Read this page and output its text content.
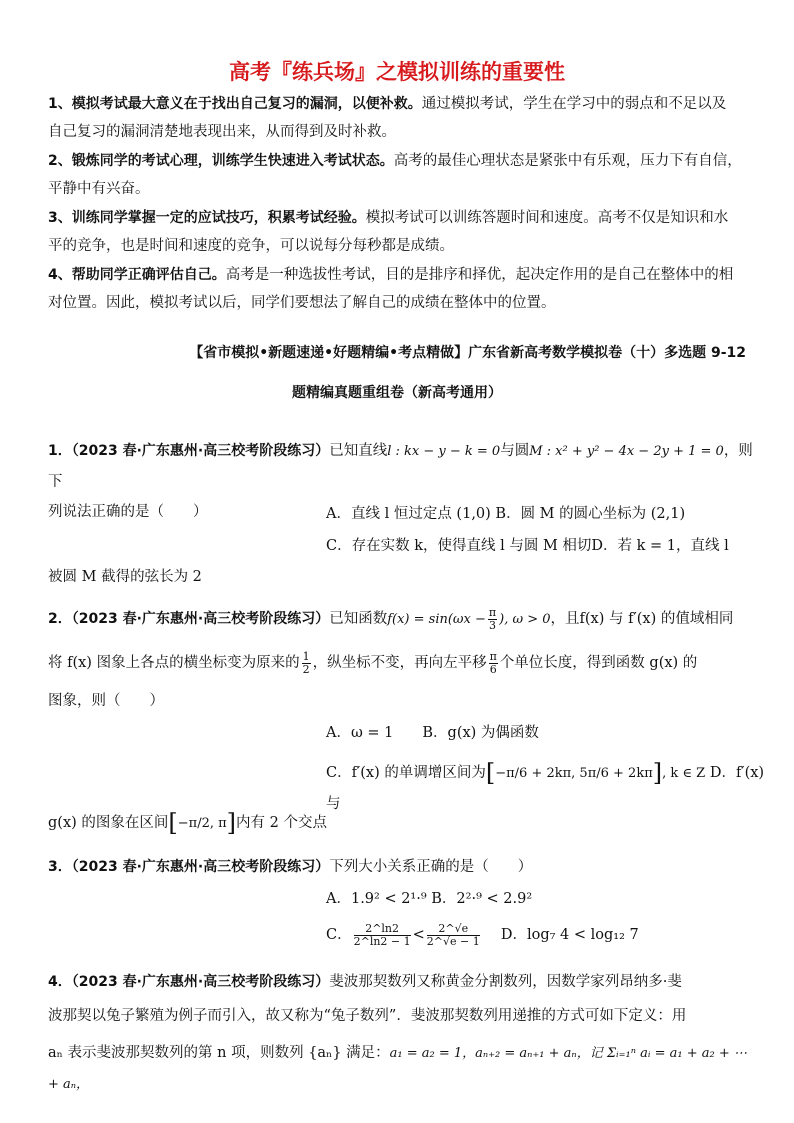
高考『练兵场』之模拟训练的重要性
1、模拟考试最大意义在于找出自己复习的漏洞，以便补救。通过模拟考试，学生在学习中的弱点和不足以及
自己复习的漏洞清楚地表现出来，从而得到及时补救。
2、锻炼同学的考试心理，训练学生快速进入考试状态。高考的最佳心理状态是紧张中有乐观，压力下有自信，
平静中有兴奋。
3、训练同学掌握一定的应试技巧，积累考试经验。模拟考试可以训练答题时间和速度。高考不仅是知识和水
平的竞争，也是时间和速度的竞争，可以说每分每秒都是成绩。
4、帮助同学正确评估自己。高考是一种选拔性考试，目的是排序和择优，起决定作用的是自己在整体中的相
对位置。因此，模拟考试以后，同学们要想法了解自己的成绩在整体中的位置。
【省市模拟•新题速递•好题精编•考点精做】广东省新高考数学模拟卷（十）多选题 9-12
题精编真题重组卷（新高考通用）
1．（2023 春·广东惠州·高三校考阶段练习）已知直线l : kx − y − k = 0与圆M : x² + y² − 4x − 2y + 1 = 0，则下
列说法正确的是（　　）	A．直线 l 恒过定点 (1,0) B．圆 M 的圆心坐标为 (2,1)
C．存在实数 k，使得直线 l 与圆 M 相切D．若 k = 1，直线 l
被圆 M 截得的弦长为 2
2．（2023 春·广东惠州·高三校考阶段练习）已知函数$f(x) = \sin(\omega x - \frac{\pi}{3}$ ), ω > 0，且f(x) 与 f′(x) 的值域相同
将 f(x) 图象上各点的横坐标变为原来的 $\frac{1}{2}$ ，纵坐标不变，再向左平移 $\frac{\pi}{6}$ 个单位长度，得到函数 g(x) 的
图象，则（　　）
A．ω = 1　　 B．g(x) 为偶函数
C．f′(x) 的单调增区间为[−π/6 + 2kπ, 5π/6 + 2kπ], k ∈ Z D．f′(x) 与
g(x) 的图象在区间[−π/2, π]内有 2 个交点
3．（2023 春·广东惠州·高三校考阶段练习）下列大小关系正确的是（　　）
A．1.9² < 2¹·⁹ B．2²·⁹ < 2.9²
C． $\frac{2\^{}\ln 2}{2\^{}\ln 2 - 1} < \frac{2\^{}√e}{2\^{}√e - 1}$
　 D．log₇ 4 < log₁₂ 7
4．（2023 春·广东惠州·高三校考阶段练习）斐波那契数列又称黄金分割数列，因数学家列昂纳多·斐
波那契以兔子繁殖为例子而引入，故又称为“兔子数列”．斐波那契数列用递推的方式可如下定义：用
aₙ 表示斐波那契数列的第 n 项，则数列 {aₙ} 满足：a₁ = a₂ = 1，aₙ₊₂ = aₙ₊₁ + aₙ，记 Σᵢ₌₁ⁿ aᵢ = a₁ + a₂ + ⋯ + aₙ，
